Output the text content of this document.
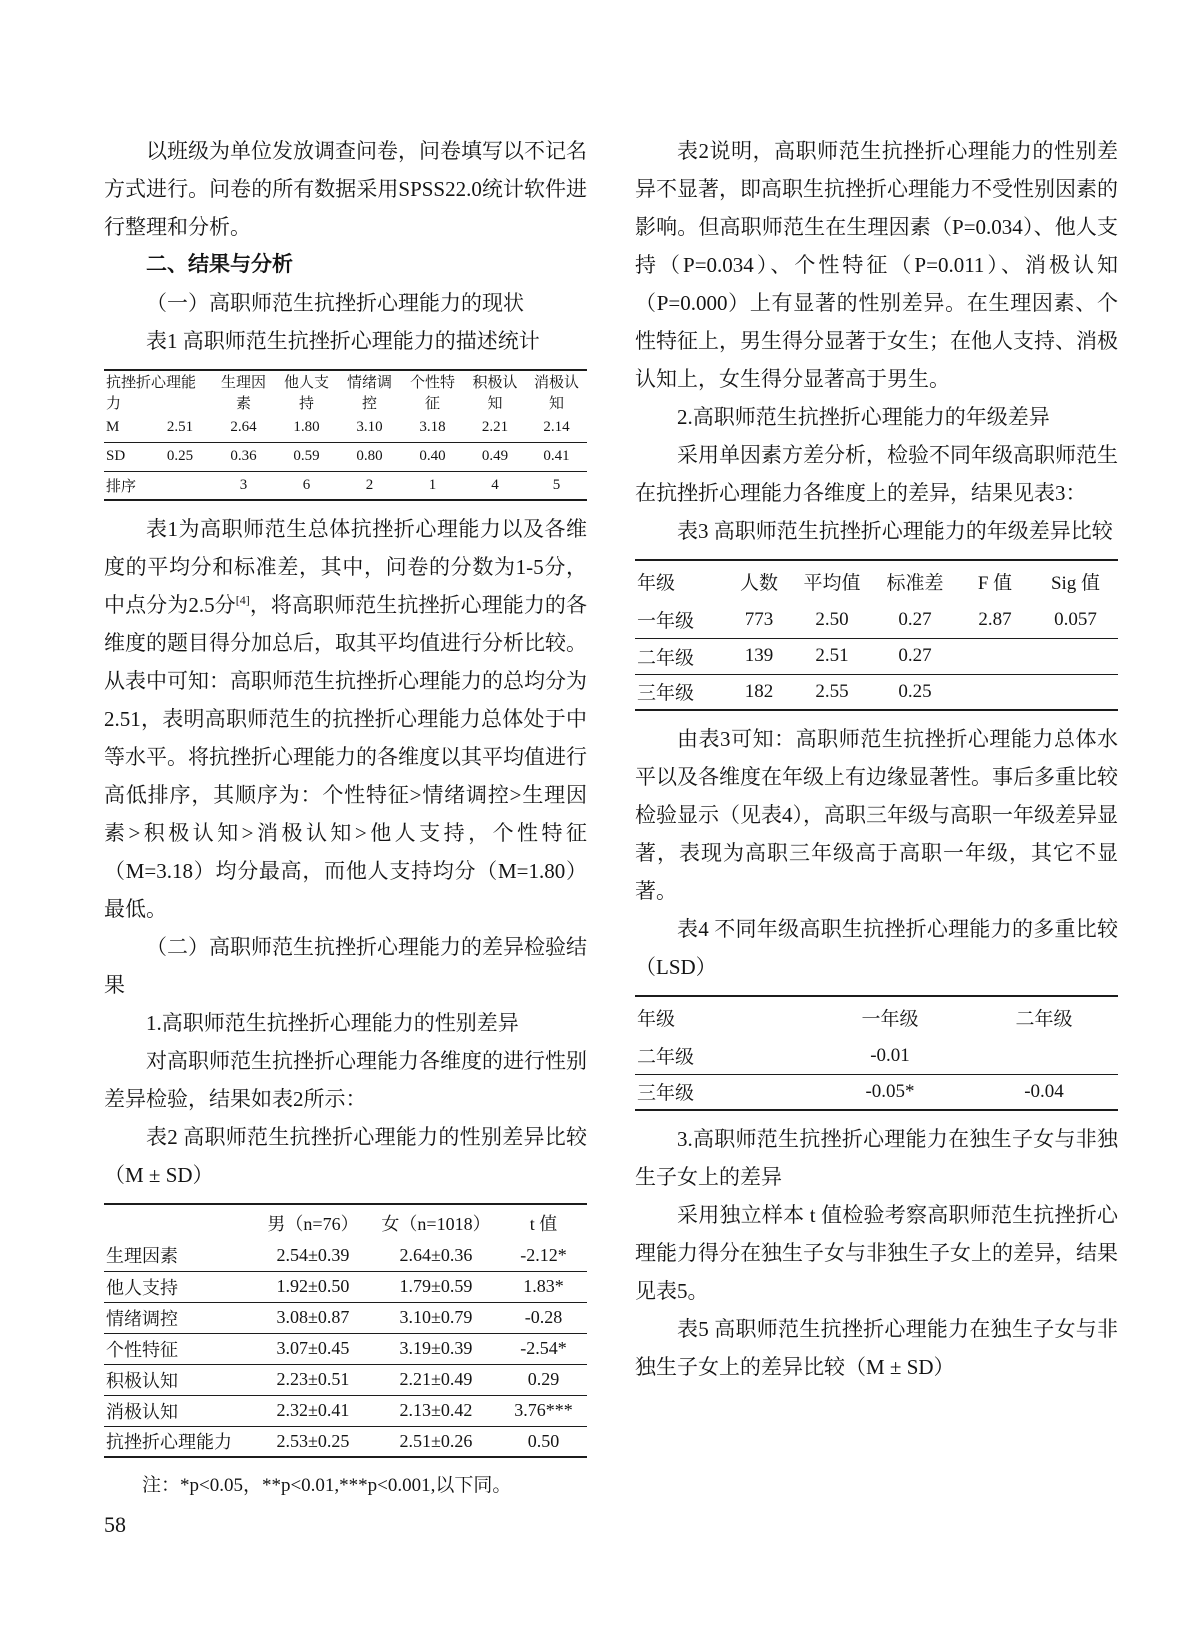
以班级为单位发放调查问卷，问卷填写以不记名方式进行。问卷的所有数据采用SPSS22.0统计软件进行整理和分析。

二、结果与分析

（一）高职师范生抗挫折心理能力的现状

表1 高职师范生抗挫折心理能力的描述统计

抗挫折心理能力		生理因素	他人支持	情绪调控	个性特征	积极认知	消极认知
M	2.51	2.64	1.80	3.10	3.18	2.21	2.14
SD	0.25	0.36	0.59	0.80	0.40	0.49	0.41
排序		3	6	2	1	4	5

表1为高职师范生总体抗挫折心理能力以及各维度的平均分和标准差，其中，问卷的分数为1-5分，中点分为2.5分[4]，将高职师范生抗挫折心理能力的各维度的题目得分加总后，取其平均值进行分析比较。从表中可知：高职师范生抗挫折心理能力的总均分为2.51，表明高职师范生的抗挫折心理能力总体处于中等水平。将抗挫折心理能力的各维度以其平均值进行高低排序，其顺序为：个性特征>情绪调控>生理因素>积极认知>消极认知>他人支持，个性特征（M=3.18）均分最高，而他人支持均分（M=1.80）最低。

（二）高职师范生抗挫折心理能力的差异检验结果

1.高职师范生抗挫折心理能力的性别差异

对高职师范生抗挫折心理能力各维度的进行性别差异检验，结果如表2所示：

表2 高职师范生抗挫折心理能力的性别差异比较（M ± SD）

	男（n=76）	女（n=1018）	t 值
生理因素	2.54±0.39	2.64±0.36	-2.12*
他人支持	1.92±0.50	1.79±0.59	1.83*
情绪调控	3.08±0.87	3.10±0.79	-0.28
个性特征	3.07±0.45	3.19±0.39	-2.54*
积极认知	2.23±0.51	2.21±0.49	0.29
消极认知	2.32±0.41	2.13±0.42	3.76***
抗挫折心理能力	2.53±0.25	2.51±0.26	0.50

注：*p<0.05，**p<0.01,***p<0.001,以下同。

表2说明，高职师范生抗挫折心理能力的性别差异不显著，即高职生抗挫折心理能力不受性别因素的影响。但高职师范生在生理因素（P=0.034）、他人支持（P=0.034）、个性特征（P=0.011）、消极认知（P=0.000）上有显著的性别差异。在生理因素、个性特征上，男生得分显著于女生；在他人支持、消极认知上，女生得分显著高于男生。

2.高职师范生抗挫折心理能力的年级差异

采用单因素方差分析，检验不同年级高职师范生在抗挫折心理能力各维度上的差异，结果见表3：

表3 高职师范生抗挫折心理能力的年级差异比较

年级	人数	平均值	标准差	F 值	Sig 值
一年级	773	2.50	0.27	2.87	0.057
二年级	139	2.51	0.27		
三年级	182	2.55	0.25		

由表3可知：高职师范生抗挫折心理能力总体水平以及各维度在年级上有边缘显著性。事后多重比较检验显示（见表4），高职三年级与高职一年级差异显著，表现为高职三年级高于高职一年级，其它不显著。

表4 不同年级高职生抗挫折心理能力的多重比较（LSD）

年级	一年级	二年级
二年级	-0.01	
三年级	-0.05*	-0.04

3.高职师范生抗挫折心理能力在独生子女与非独生子女上的差异

采用独立样本 t 值检验考察高职师范生抗挫折心理能力得分在独生子女与非独生子女上的差异，结果见表5。

表5 高职师范生抗挫折心理能力在独生子女与非独生子女上的差异比较（M ± SD）

58
